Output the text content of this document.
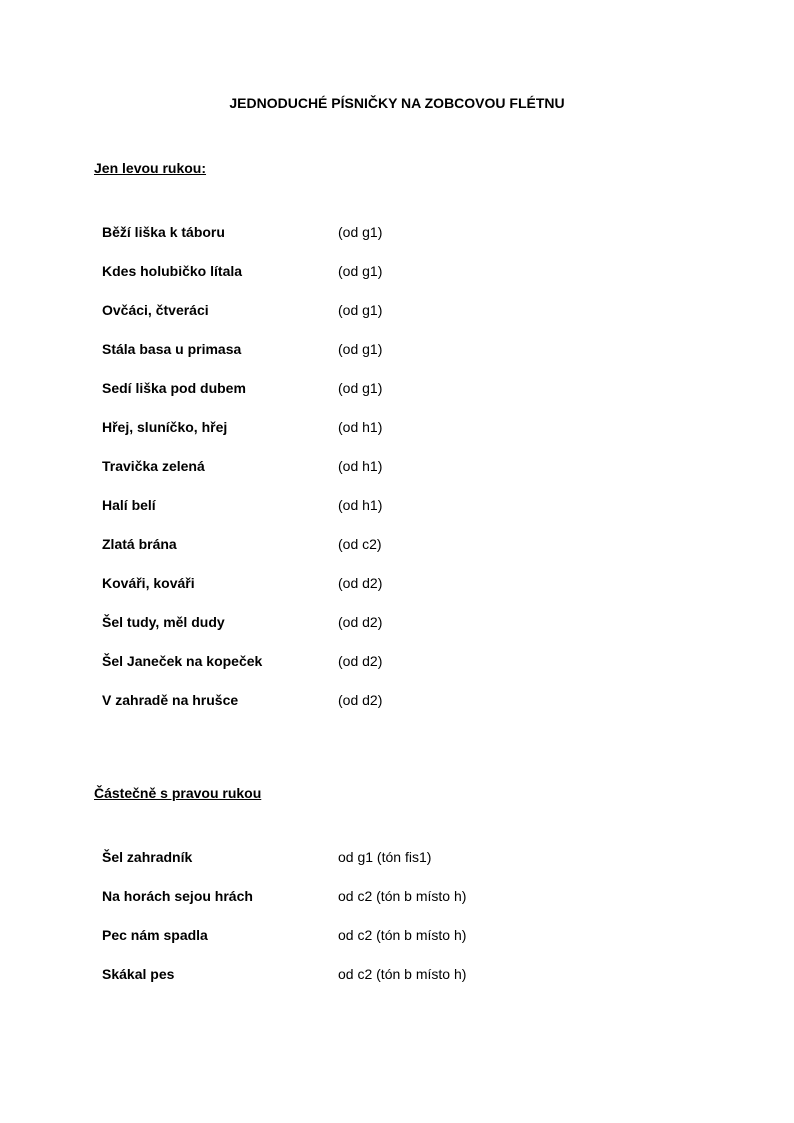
JEDNODUCHÉ PÍSNIČKY NA ZOBCOVOU FLÉTNU
Jen levou rukou:
Běží liška k táboru	(od g1)
Kdes holubičko lítala	(od g1)
Ovčáci, čtveráci	(od g1)
Stála basa u primasa	(od g1)
Sedí liška pod dubem	(od g1)
Hřej, sluníčko, hřej	(od h1)
Travička zelená	(od h1)
Halí belí	(od h1)
Zlatá brána	(od c2)
Kováři, kováři	(od d2)
Šel tudy, měl dudy	(od d2)
Šel Janeček na kopeček	(od d2)
V zahradě na hrušce	(od d2)
Částečně s pravou rukou
Šel zahradník	od g1 (tón fis1)
Na horách sejou hrách	od c2 (tón b místo h)
Pec nám spadla	od c2 (tón b místo h)
Skákal pes	od c2 (tón b místo h)
